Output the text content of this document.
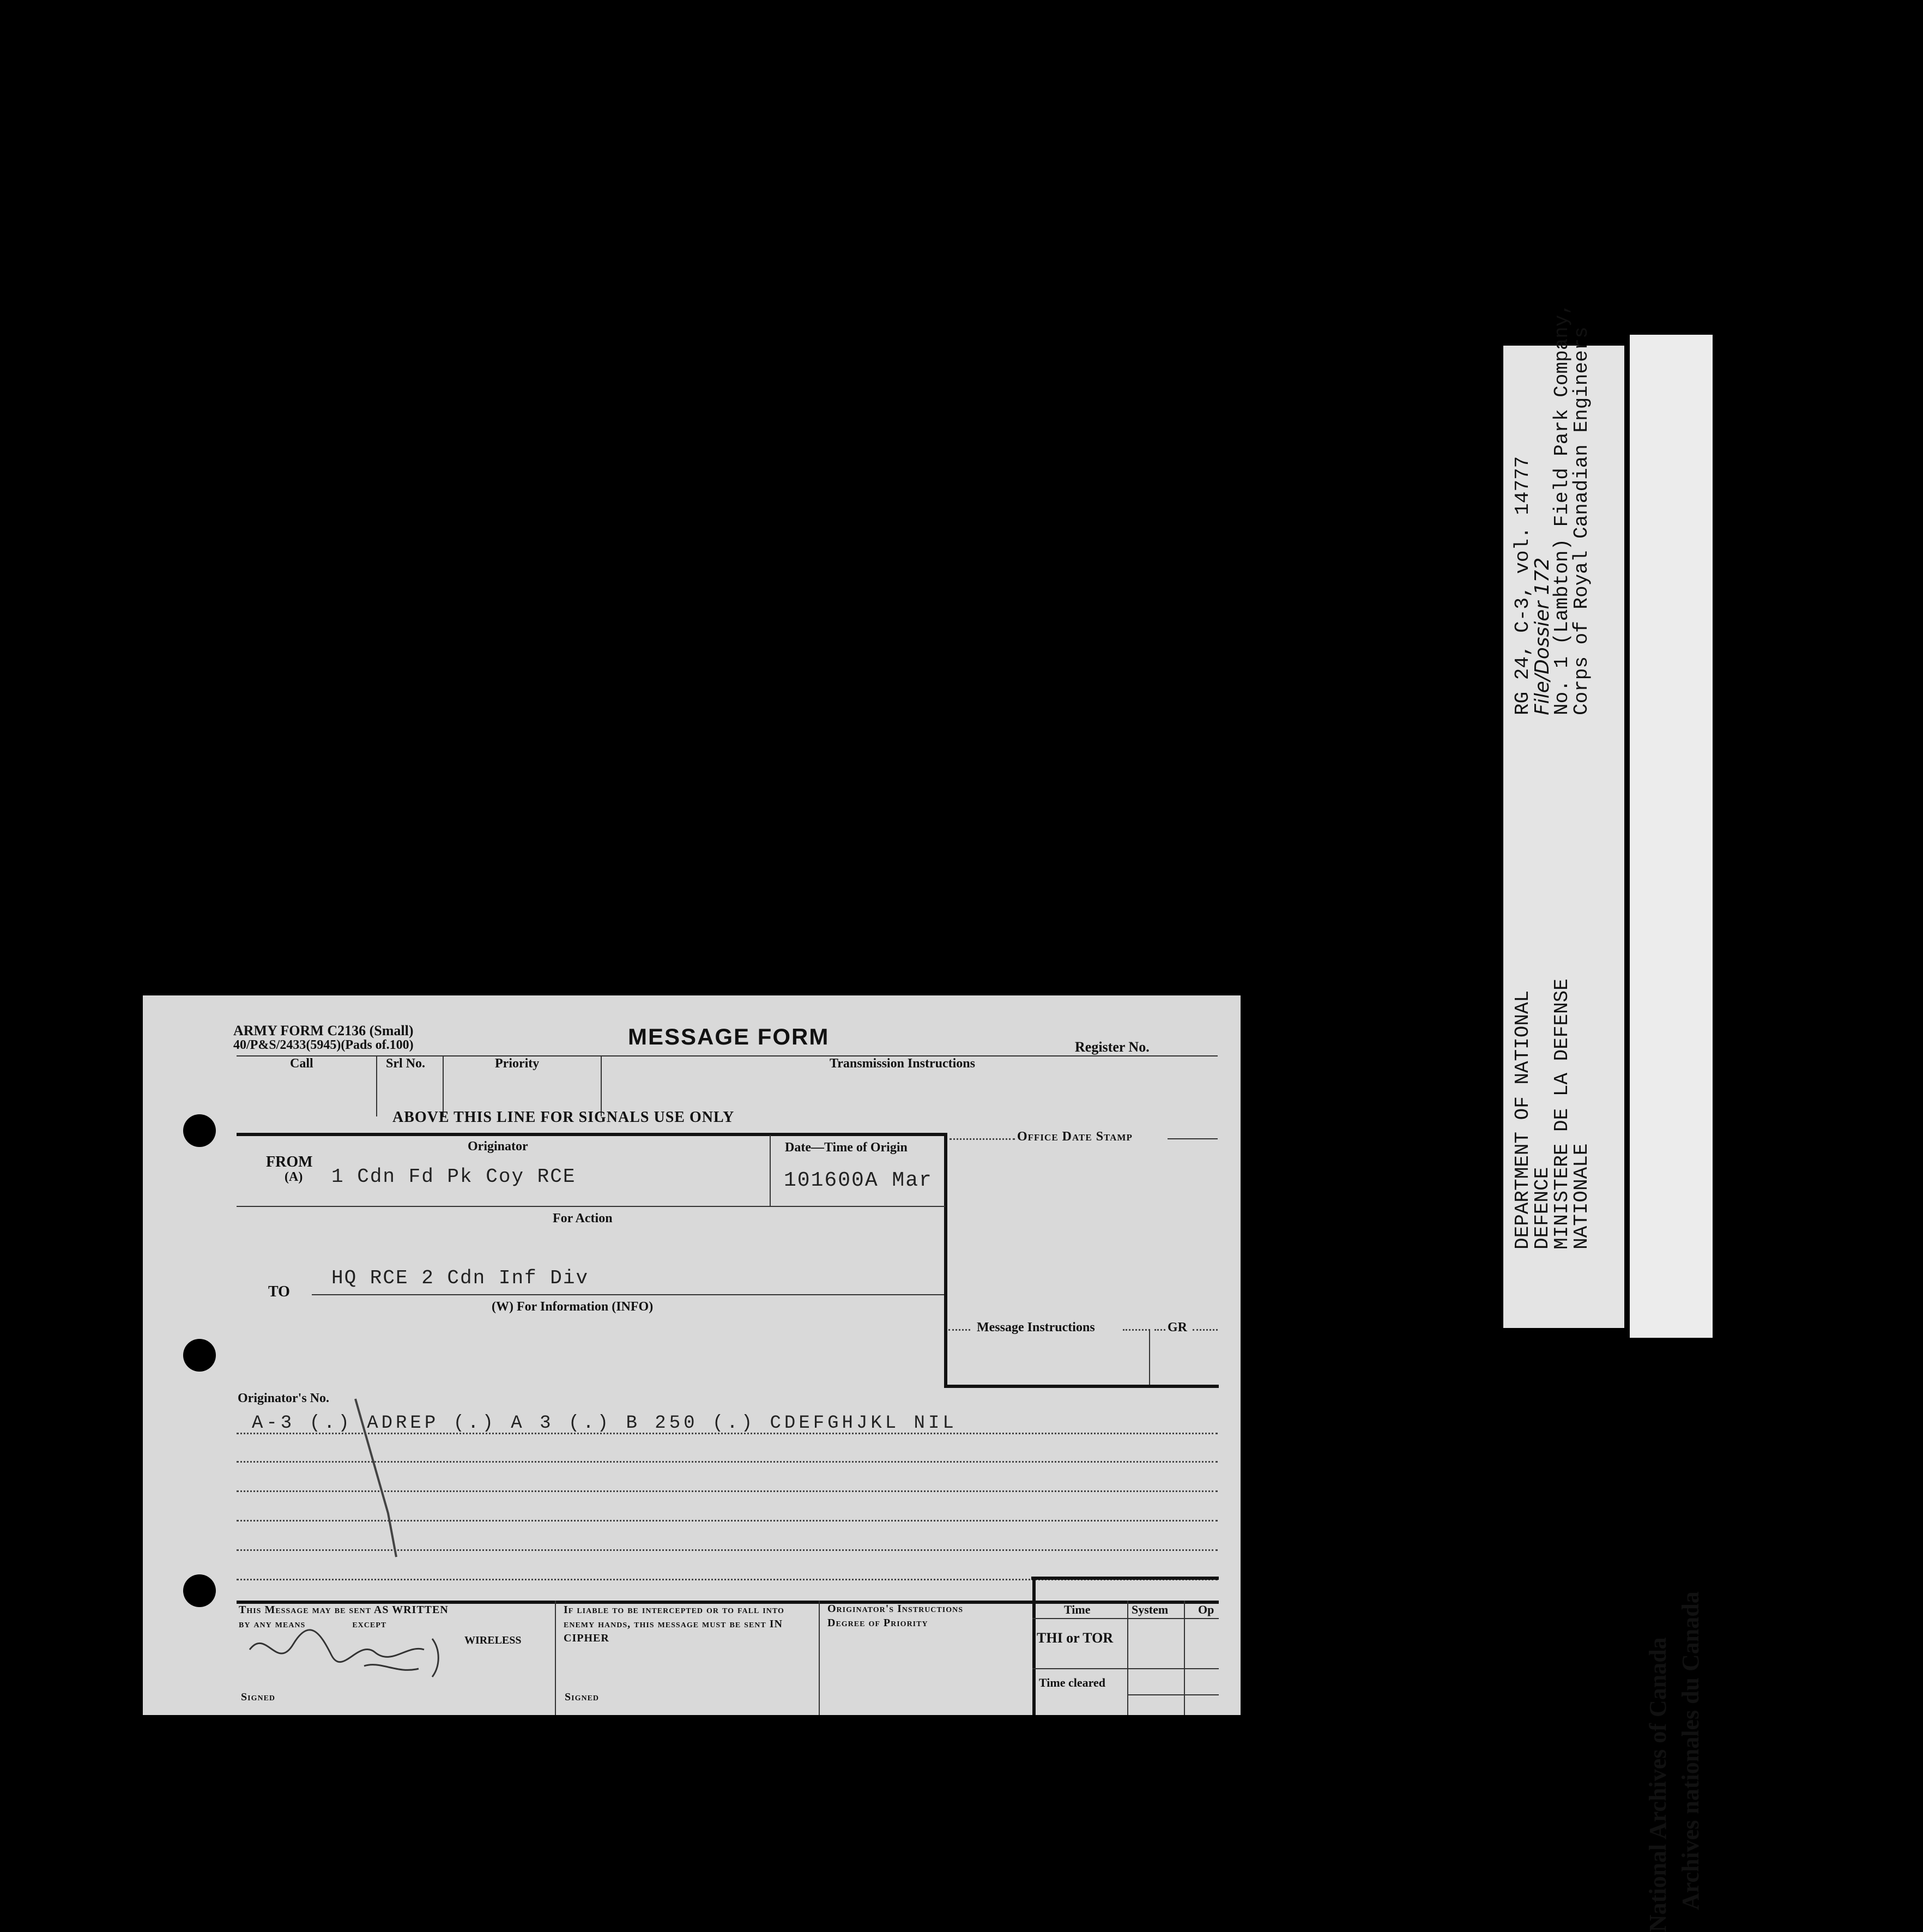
ARMY FORM C2136 (Small)
40/P&S/2433(5945)(Pads of.100)	MESSAGE FORM	Register No.
Call	Srl No.	Priority	Transmission Instructions
ABOVE THIS LINE FOR SIGNALS USE ONLY
Office Date Stamp
FROM
(A)
Originator	Date—Time of Origin
1 Cdn Fd Pk Coy RCE	101600A Mar
For Action
HQ RCE 2 Cdn Inf Div
TO
(W) For Information (INFO)
Message Instructions	GR
Originator's No.
A-3 (.) ADREP (.) A 3 (.) B 250 (.) CDEFGHJKL NIL
This Message may be sent AS WRITTEN
by any means	except
WIRELESS
If liable to be intercepted or to fall into enemy hands, this message must be sent IN CIPHER
Originator's Instructions
Degree of Priority
Time	System Op
THI or TOR
Time cleared
Signed	Signed
DEPARTMENT OF NATIONAL
DEFENCE
MINISTERE DE LA DEFENSE
NATIONALE
RG 24, C-3, vol. 14777
File/Dossier 172
No. 1 (Lambton) Field Park Company,
Corps of Royal Canadian Engineers
National Archives of Canada Archives nationales du Canada
